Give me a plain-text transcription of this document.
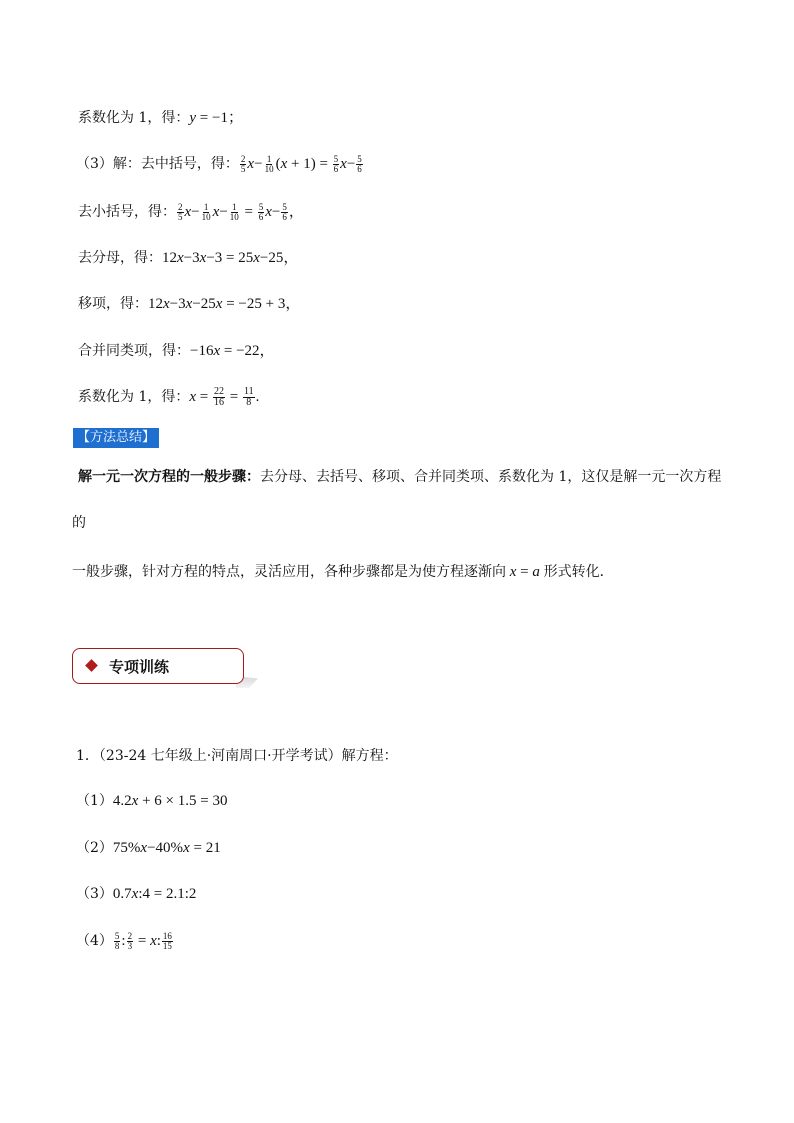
系数化为 1，得：y = −1；
（3）解：去中括号，得： $\frac{2}{5} x- \frac{1}{10} (x + 1) = \frac{5}{6} x- \frac{5}{6}$
去小括号，得： $\frac{2}{5} x- \frac{1}{10} x- \frac{1}{10} = \frac{5}{6} x- \frac{5}{6}$ ，
去分母，得：12x−3x−3 = 25x−25，
移项，得：12x−3x−25x = −25 + 3，
合并同类项，得：−16x = −22，
系数化为 1，得：$x = \frac{22}{16} = \frac{11}{8}$ .
【方法总结】
解一元一次方程的一般步骤：去分母、去括号、移项、合并同类项、系数化为 1，这仅是解一元一次方程
的
一般步骤，针对方程的特点，灵活应用，各种步骤都是为使方程逐渐向 x = a 形式转化．
专项训练
1．（23-24 七年级上·河南周口·开学考试）解方程：
（1）4.2x + 6 × 1.5 = 30
（2）75%x−40%x = 21
（3）0.7x:4 = 2.1:2
$(4) \frac{5}{8}$ : $\frac{2}{3} = x$: $\frac{16}{15}$
